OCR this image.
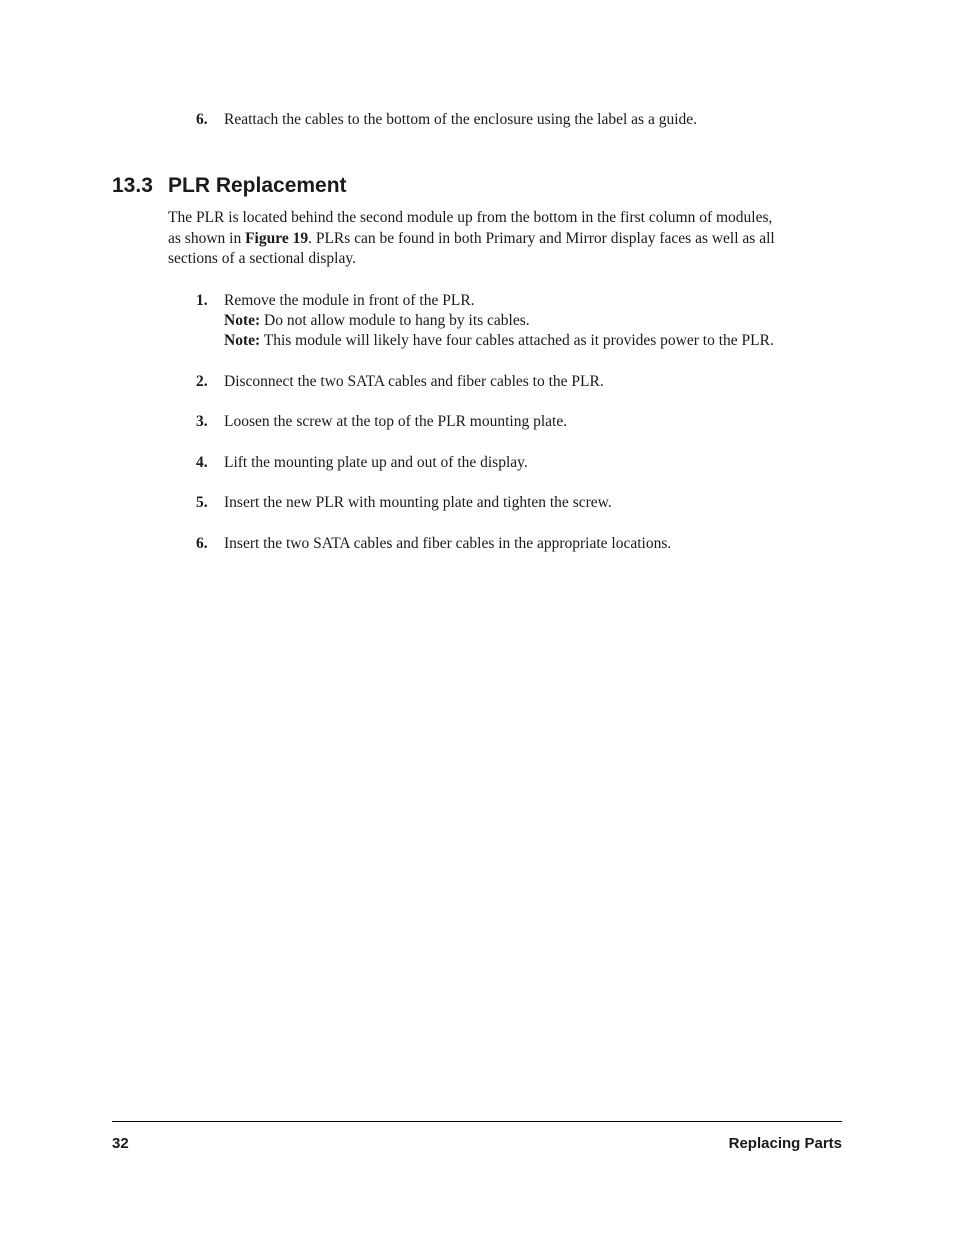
6. Reattach the cables to the bottom of the enclosure using the label as a guide.
13.3 PLR Replacement
The PLR is located behind the second module up from the bottom in the first column of modules,
as shown in Figure 19. PLRs can be found in both Primary and Mirror display faces as well as all
sections of a sectional display.
1. Remove the module in front of the PLR.
Note: Do not allow module to hang by its cables.
Note: This module will likely have four cables attached as it provides power to the PLR.
2. Disconnect the two SATA cables and fiber cables to the PLR.
3. Loosen the screw at the top of the PLR mounting plate.
4. Lift the mounting plate up and out of the display.
5. Insert the new PLR with mounting plate and tighten the screw.
6. Insert the two SATA cables and fiber cables in the appropriate locations.
32	Replacing Parts
